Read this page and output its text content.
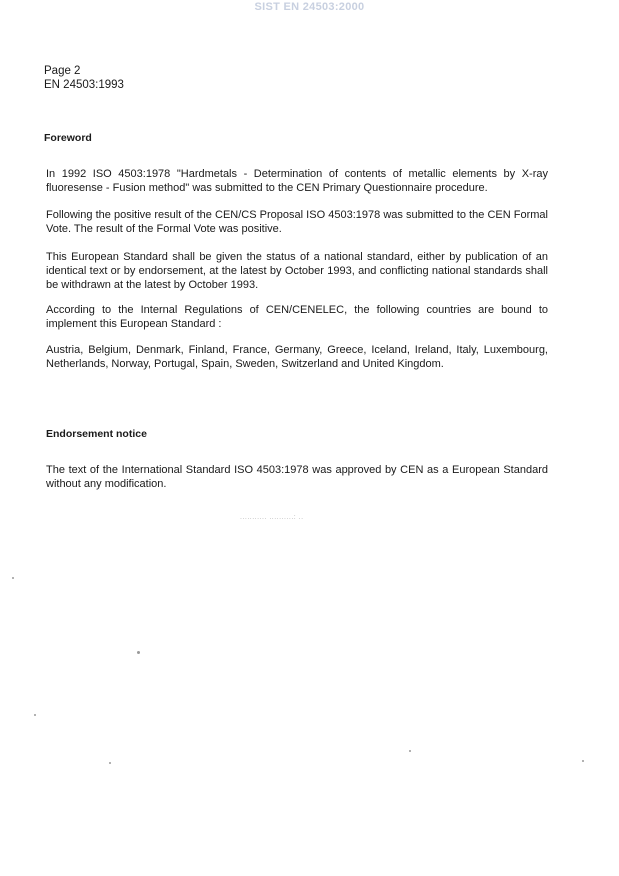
SIST EN 24503:2000
Page 2
EN 24503:1993
Foreword
In 1992 ISO 4503:1978 "Hardmetals - Determination of contents of metallic elements by X-ray fluoresense - Fusion method" was submitted to the CEN Primary Questionnaire procedure.
Following the positive result of the CEN/CS Proposal ISO 4503:1978 was submitted to the CEN Formal Vote. The result of the Formal Vote was positive.
This European Standard shall be given the status of a national standard, either by publication of an identical text or by endorsement, at the latest by October 1993, and conflicting national standards shall be withdrawn at the latest by October 1993.
According to the Internal Regulations of CEN/CENELEC, the following countries are bound to implement this European Standard :
Austria, Belgium, Denmark, Finland, France, Germany, Greece, Iceland, Ireland, Italy, Luxembourg, Netherlands, Norway, Portugal, Spain, Sweden, Switzerland and United Kingdom.
Endorsement notice
The text of the International Standard ISO 4503:1978 was approved by CEN as a European Standard without any modification.
........... ..........: ..
